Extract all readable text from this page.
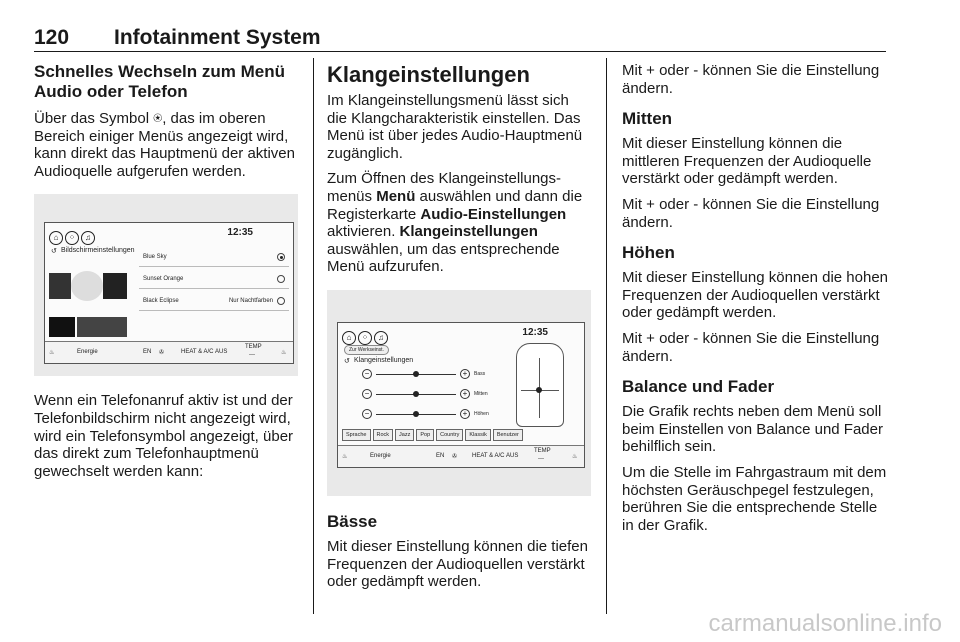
120 Infotainment System
Schnelles Wechseln zum Menü Audio oder Telefon

Über das Symbol ⍟, das im oberen Bereich einiger Menüs angezeigt wird, kann direkt das Hauptmenü der aktiven Audioquelle aufgerufen werden.

⌂ ⁘ ♫	12:35
↺ Bildschirmeinstellungen
Blue Sky
Sunset Orange
Black Eclipse	Nur Nachtfarben
♨	Energie	EN ✇	HEAT & A/C AUS
TEMP
---	♨

Wenn ein Telefonanruf aktiv ist und der Telefonbildschirm nicht angezeigt wird, wird ein Telefonsymbol angezeigt, über das direkt zum Telefonhauptmenü gewechselt werden kann:

Klangeinstellungen

Im Klangeinstellungsmenü lässt sich die Klangcharakteristik einstellen. Das Menü ist über jedes Audio-Hauptmenü zugänglich.

Zum Öffnen des Klangeinstellungsmenüs Menü auswählen und dann die Registerkarte Audio-Einstellungen aktivieren. Klangeinstellungen auswählen, um das entsprechende Menü aufzurufen.

⌂ ⁘ ♫	12:35
Zur Werkseinst.
↺ Klangeinstellungen
−	+	Bass
−	+	Mitten
−	+	Höhen
Sprache	Rock	Jazz	Pop	Country	Klassik	Benutzer
♨	Energie	EN ✇ HEAT & A/C AUS
TEMP
---	♨
Bässe

Mit dieser Einstellung können die tiefen Frequenzen der Audioquellen verstärkt oder gedämpft werden.

Mit + oder - können Sie die Einstellung ändern.

Mitten

Mit dieser Einstellung können die mittleren Frequenzen der Audioquelle verstärkt oder gedämpft werden.

Mit + oder - können Sie die Einstellung ändern.

Höhen

Mit dieser Einstellung können die hohen Frequenzen der Audioquellen verstärkt oder gedämpft werden.

Mit + oder - können Sie die Einstellung ändern.

Balance und Fader

Die Grafik rechts neben dem Menü soll beim Einstellen von Balance und Fader behilflich sein.

Um die Stelle im Fahrgastraum mit dem höchsten Geräuschpegel festzulegen, berühren Sie die entsprechende Stelle in der Grafik.

carmanualsonline.info
